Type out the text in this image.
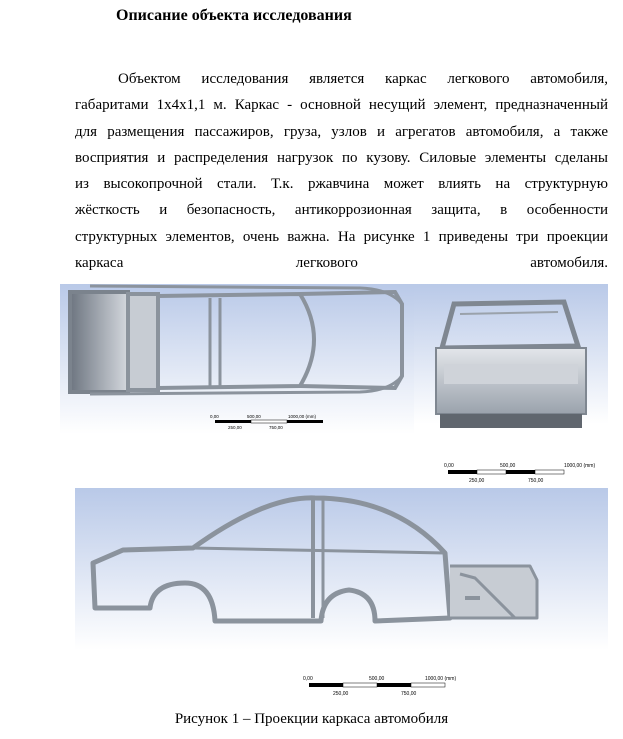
Описание объекта исследования
Объектом исследования является каркас легкового автомобиля,
габаритами 1x4x1,1 м. Каркас - основной несущий элемент, предназначенный
для размещения пассажиров, груза, узлов и агрегатов автомобиля, а также
восприятия и распределения нагрузок по кузову. Силовые элементы сделаны
из высокопрочной стали. Т.к. ржавчина может влиять на структурную
жёсткость и безопасность, антикоррозионная защита, в особенности
структурных элементов, очень важна. На рисунке 1 приведены три проекции
каркаса легкового автомобиля.
0,00	500,00	1000,00 (mm)
250,00	750,00
0,00	500,00	1000,00 (mm)
250,00	750,00
0,00	500,00	1000,00 (mm)
250,00	750,00
Рисунок 1 – Проекции каркаса автомобиля
